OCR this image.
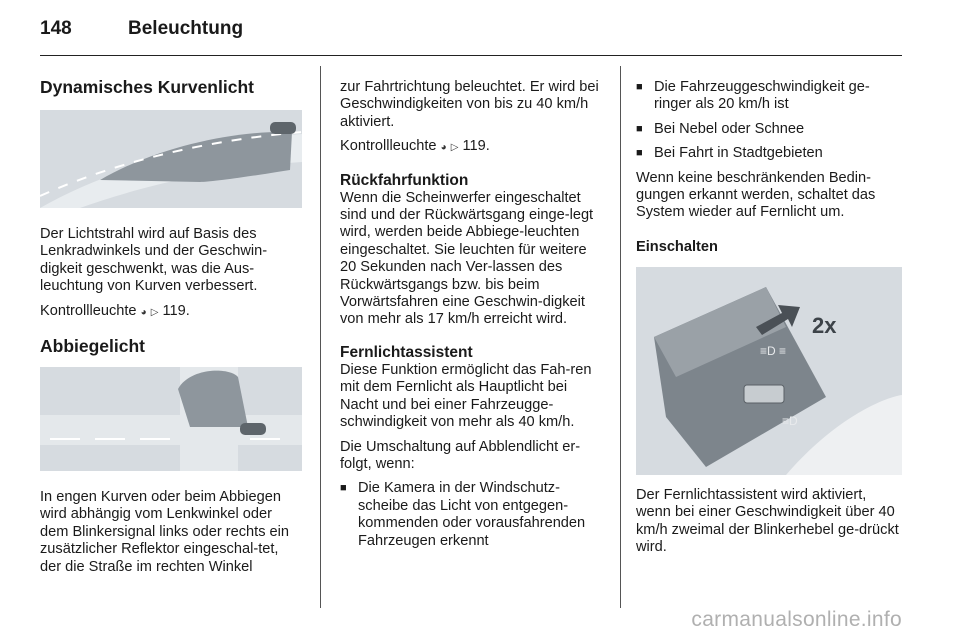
148	Beleuchtung
Dynamisches Kurvenlicht

Der Lichtstrahl wird auf Basis des Lenkradwinkels und der Geschwin-digkeit geschwenkt, was die Aus-leuchtung von Kurven verbessert.

Kontrollleuchte ◕ ▷ 119.

Abbiegelicht

In engen Kurven oder beim Abbiegen wird abhängig vom Lenkwinkel oder dem Blinkersignal links oder rechts ein zusätzlicher Reflektor eingeschal-tet, der die Straße im rechten Winkel

zur Fahrtrichtung beleuchtet. Er wird bei Geschwindigkeiten von bis zu 40 km/h aktiviert.

Kontrollleuchte ◕ ▷ 119.

Rückfahrfunktion

Wenn die Scheinwerfer eingeschaltet sind und der Rückwärtsgang einge-legt wird, werden beide Abbiege-leuchten eingeschaltet. Sie leuchten für weitere 20 Sekunden nach Ver-lassen des Rückwärtsgangs bzw. bis beim Vorwärtsfahren eine Geschwin-digkeit von mehr als 17 km/h erreicht wird.

Fernlichtassistent

Diese Funktion ermöglicht das Fah-ren mit dem Fernlicht als Hauptlicht bei Nacht und bei einer Fahrzeugge-schwindigkeit von mehr als 40 km/h.

Die Umschaltung auf Abblendlicht er-folgt, wenn:

■ Die Kamera in der Windschutz-scheibe das Licht von entgegen-kommenden oder vorausfahrenden Fahrzeugen erkennt
■ Die Fahrzeuggeschwindigkeit ge-ringer als 20 km/h ist
■ Bei Nebel oder Schnee
■ Bei Fahrt in Stadtgebieten

Wenn keine beschränkenden Bedin-gungen erkannt werden, schaltet das System wieder auf Fernlicht um.

Einschalten
≡D ≡
≡D
2x

Der Fernlichtassistent wird aktiviert, wenn bei einer Geschwindigkeit über 40 km/h zweimal der Blinkerhebel ge-drückt wird.

carmanualsonline.info
